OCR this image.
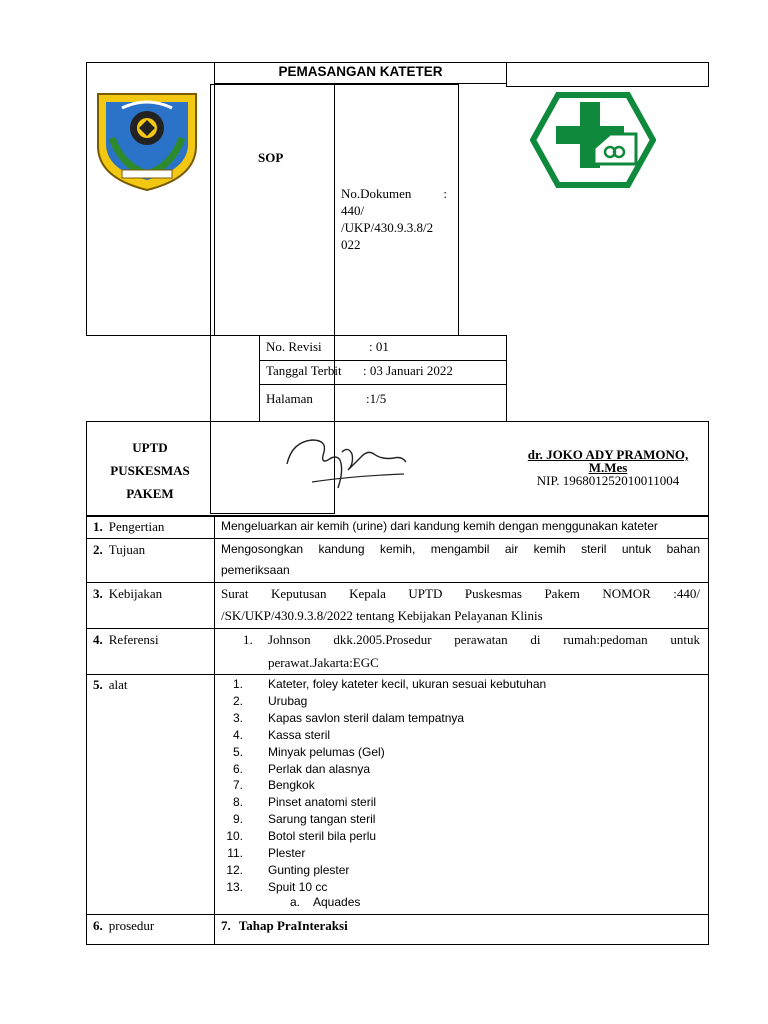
PEMASANGAN KATETER
SOP
No.Dokumen :
440/
/UKP/430.9.3.8/2
022
No. Revisi	: 01
Tanggal Terbit : 03 Januari 2022
Halaman	:1/5
UPTD
PUSKESMAS
PAKEM
dr. JOKO ADY PRAMONO,
M.Mes
NIP. 196801252010011004
1. Pengertian	Mengeluarkan air kemih (urine) dari kandung kemih dengan menggunakan kateter
2. Tujuan	Mengosongkan kandung kemih, mengambil air kemih steril untuk bahan
pemeriksaan
3. Kebijakan	Surat Keputusan Kepala UPTD Puskesmas Pakem NOMOR :440/
/SK/UKP/430.9.3.8/2022 tentang Kebijakan Pelayanan Klinis
4. Referensi	1. Johnson dkk.2005.Prosedur perawatan di rumah:pedoman untuk
perawat.Jakarta:EGC
5. alat	1. Kateter, foley kateter kecil, ukuran sesuai kebutuhan
2. Urubag
3. Kapas savlon steril dalam tempatnya
4. Kassa steril
5. Minyak pelumas (Gel)
6. Perlak dan alasnya
7. Bengkok
8. Pinset anatomi steril
9. Sarung tangan steril
10. Botol steril bila perlu
11. Plester
12. Gunting plester
13. Spuit 10 cc
a. Aquades
6. prosedur	7. Tahap PraInteraksi
